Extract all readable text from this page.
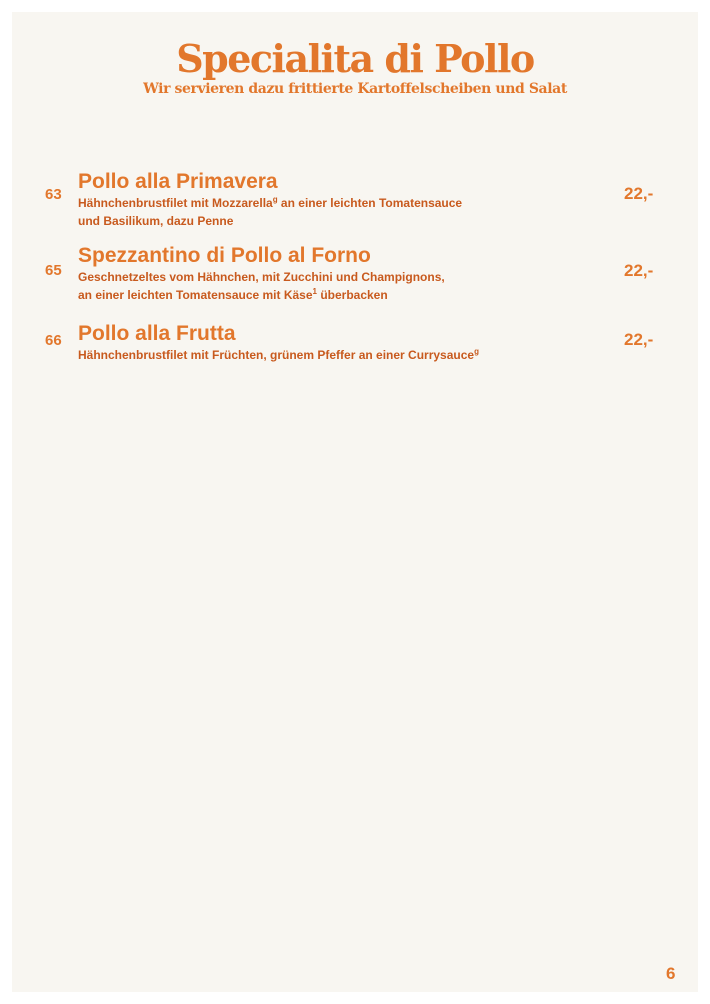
Specialita di Pollo
Wir servieren dazu frittierte Kartoffelscheiben und Salat
63
Pollo alla Primavera
Hähnchenbrustfilet mit Mozzarella$^g$ an einer leichten Tomatensauce
und Basilikum, dazu Penne
22,-
65
Spezzantino di Pollo al Forno
Geschnetzeltes vom Hähnchen, mit Zucchini und Champignons,
an einer leichten Tomatensauce mit Käse$^1$ überbacken
22,-
66 Pollo alla Frutta
Hähnchenbrustfilet mit Früchten, grünem Pfeffer an einer Currysauce$^g$
22,-
6
